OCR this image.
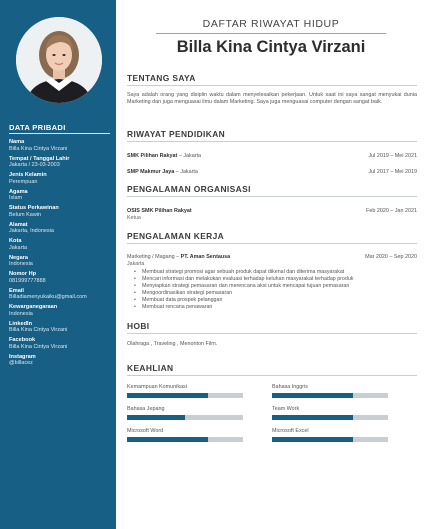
DATA PRIBADI
Nama
Billa Kina Cintya Virzani
Tempat / Tanggal Lahir
Jakarta / 23-03-2003
Jenis Kelamin
Perempuan
Agama
Islam
Status Perkawinan
Belum Kawin
Alamat
Jakarta, Indonesia
Kota
Jakarta
Negara
Indonesia
Nomor Hp
081999777888
Email
Billadiamenyukaiku@gmail.com
Kewarganegaraan
Indonesia
LinkedIn
Billa Kina Cintya Virzani
Facebook
Billa Kina Cintya Virzani
Instagram
@billacez
DAFTAR RIWAYAT HIDUP
Billa Kina Cintya Virzani
TENTANG SAYA
Saya adalah orang yang disiplin waktu dalam menyelesaikan pekerjaan. Untuk saat ini saya sangat menyukai dunia Marketing dan juga menguasai ilmu dalam Marketing. Saya juga menguasai computer dengan sangat baik.
RIWAYAT PENDIDIKAN
SMK Pilihan Rakyat – Jakarta	Jul 2019 – Mei 2021
SMP Makmur Jaya – Jakarta	Jul 2017 – Mei 2019
PENGALAMAN ORGANISASI
OSIS SMK Pilihan Rakyat	Feb 2020 – Jan 2021
Ketua
PENGALAMAN KERJA
Marketing / Magang – PT. Aman Sentausa	Mar 2020 – Sep 2020
Jakarta
• Membuat strategi promosi agar sebuah produk dapat dikenal dan diterima masyarakat
• Mencari informasi dan melakukan evaluasi terhadap keluhan masyarakat terhadap produk
• Menyiapkan strategi pemasaran dan merencana aksi untuk mencapai tujuan pemasaran
• Mengoordinasikan strategi pemasaran
• Membuat data prospek pelanggan
• Membuat rencana penawaran
HOBI
Olahraga , Traveling , Menonton Film.
KEAHLIAN
Kemampuan Komunikasi	Bahasa Inggris
Bahasa Jepang	Team Work
Microsoft Word	Microsoft Excel
